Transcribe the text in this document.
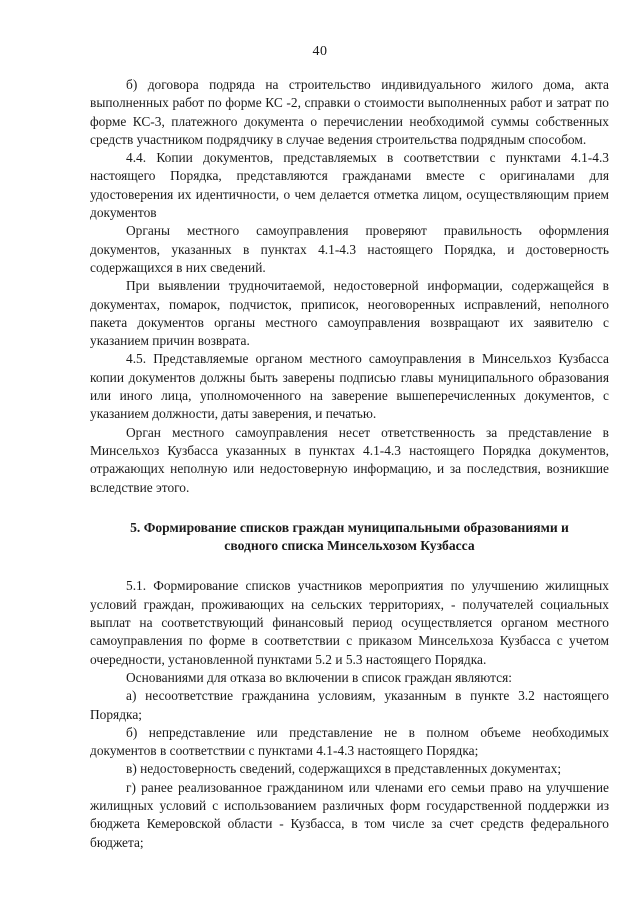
40

б) договора подряда на строительство индивидуального жилого дома, акта выполненных работ по форме КС -2, справки о стоимости выполненных работ и затрат по форме КС-3, платежного документа о перечислении необходимой суммы собственных средств участником подрядчику в случае ведения строительства подрядным способом.

4.4. Копии документов, представляемых в соответствии с пунктами 4.1-4.3 настоящего Порядка, представляются гражданами вместе с оригиналами для удостоверения их идентичности, о чем делается отметка лицом, осуществляющим прием документов

Органы местного самоуправления проверяют правильность оформления документов, указанных в пунктах 4.1-4.3 настоящего Порядка, и достоверность содержащихся в них сведений.

При выявлении трудночитаемой, недостоверной информации, содержащейся в документах, помарок, подчисток, приписок, неоговоренных исправлений, неполного пакета документов органы местного самоуправления возвращают их заявителю с указанием причин возврата.

4.5. Представляемые органом местного самоуправления в Минсельхоз Кузбасса копии документов должны быть заверены подписью главы муниципального образования или иного лица, уполномоченного на заверение вышеперечисленных документов, с указанием должности, даты заверения, и печатью.

Орган местного самоуправления несет ответственность за представление в Минсельхоз Кузбасса указанных в пунктах 4.1-4.3 настоящего Порядка документов, отражающих неполную или недостоверную информацию, и за последствия, возникшие вследствие этого.

5. Формирование списков граждан муниципальными образованиями и
сводного списка Минсельхозом Кузбасса

5.1. Формирование списков участников мероприятия по улучшению жилищных условий граждан, проживающих на сельских территориях, - получателей социальных выплат на соответствующий финансовый период осуществляется органом местного самоуправления по форме в соответствии с приказом Минсельхоза Кузбасса с учетом очередности, установленной пунктами 5.2 и 5.3 настоящего Порядка.

Основаниями для отказа во включении в список граждан являются:

а) несоответствие гражданина условиям, указанным в пункте 3.2 настоящего Порядка;

б) непредставление или представление не в полном объеме необходимых документов в соответствии с пунктами 4.1-4.3 настоящего Порядка;

в) недостоверность сведений, содержащихся в представленных документах;

г) ранее реализованное гражданином или членами его семьи право на улучшение жилищных условий с использованием различных форм государственной поддержки из бюджета Кемеровской области - Кузбасса, в том числе за счет средств федерального бюджета;
